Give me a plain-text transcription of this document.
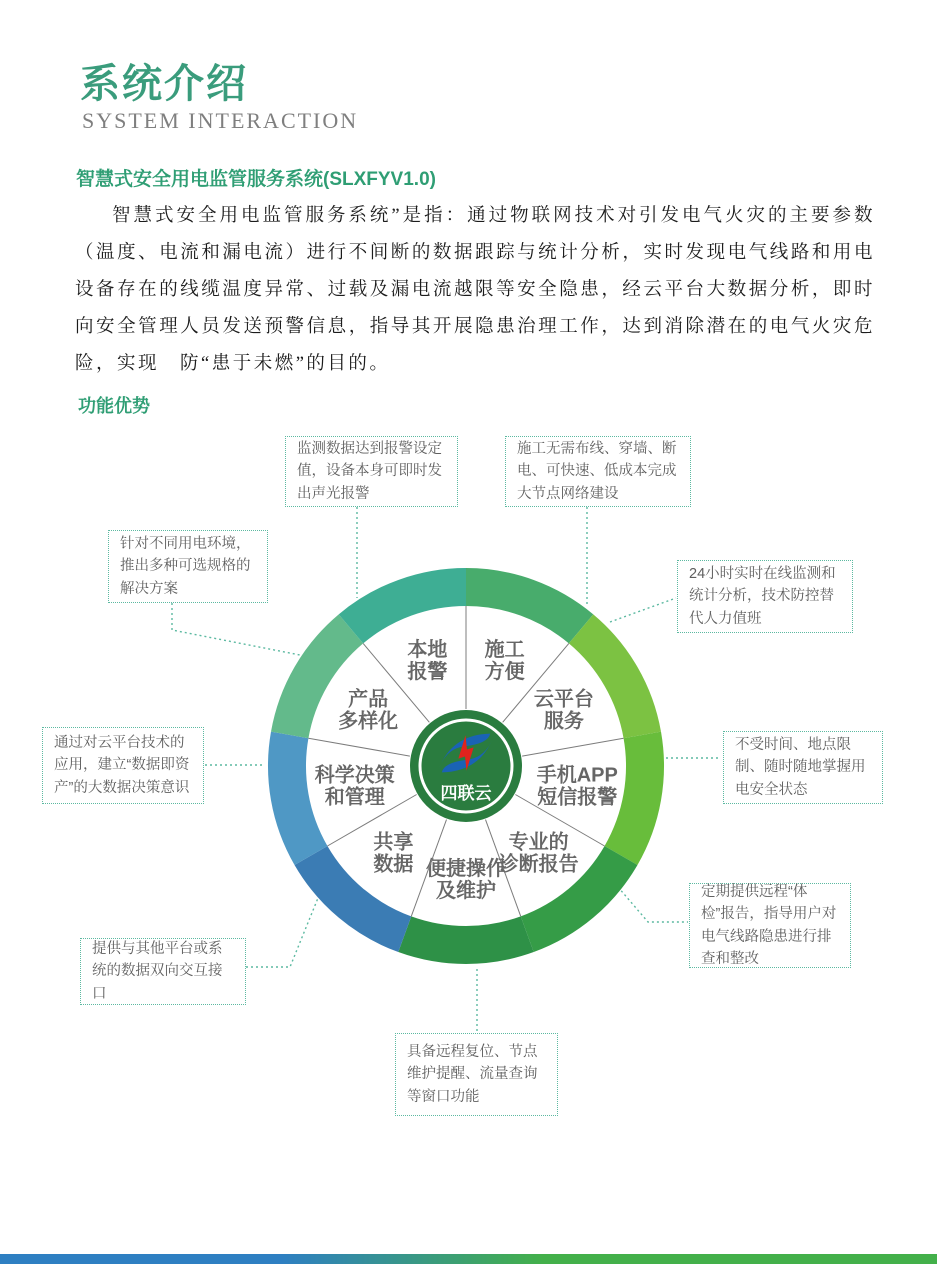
系统介绍
SYSTEM INTERACTION
智慧式安全用电监管服务系统(SLXFYV1.0)

智慧式安全用电监管服务系统”是指：通过物联网技术对引发电气火灾的主要参数（温度、电流和漏电流）进行不间断的数据跟踪与统计分析，实时发现电气线路和用电设备存在的线缆温度异常、过载及漏电流越限等安全隐患，经云平台大数据分析，即时向安全管理人员发送预警信息，指导其开展隐患治理工作，达到消除潜在的电气火灾危险，实现　防“患于未燃”的目的。

功能优势
施工方便
云平台服务
手机APP 短信报警
专业的诊断报告
便捷操作及维护
共享数据
科学决策和管理
产品多样化
本地报警
四联云
监测数据达到报警设定值，设备本身可即时发出声光报警
施工无需布线、穿墙、断电、可快速、低成本完成大节点网络建设
针对不同用电环境，推出多种可选规格的解决方案
24小时实时在线监测和统计分析，技术防控替代人力值班
通过对云平台技术的应用，建立“数据即资产”的大数据决策意识
不受时间、地点限制、随时随地掌握用电安全状态
提供与其他平台或系统的数据双向交互接口
定期提供远程“体检”报告，指导用户对电气线路隐患进行排查和整改
具备远程复位、节点维护提醒、流量查询等窗口功能
